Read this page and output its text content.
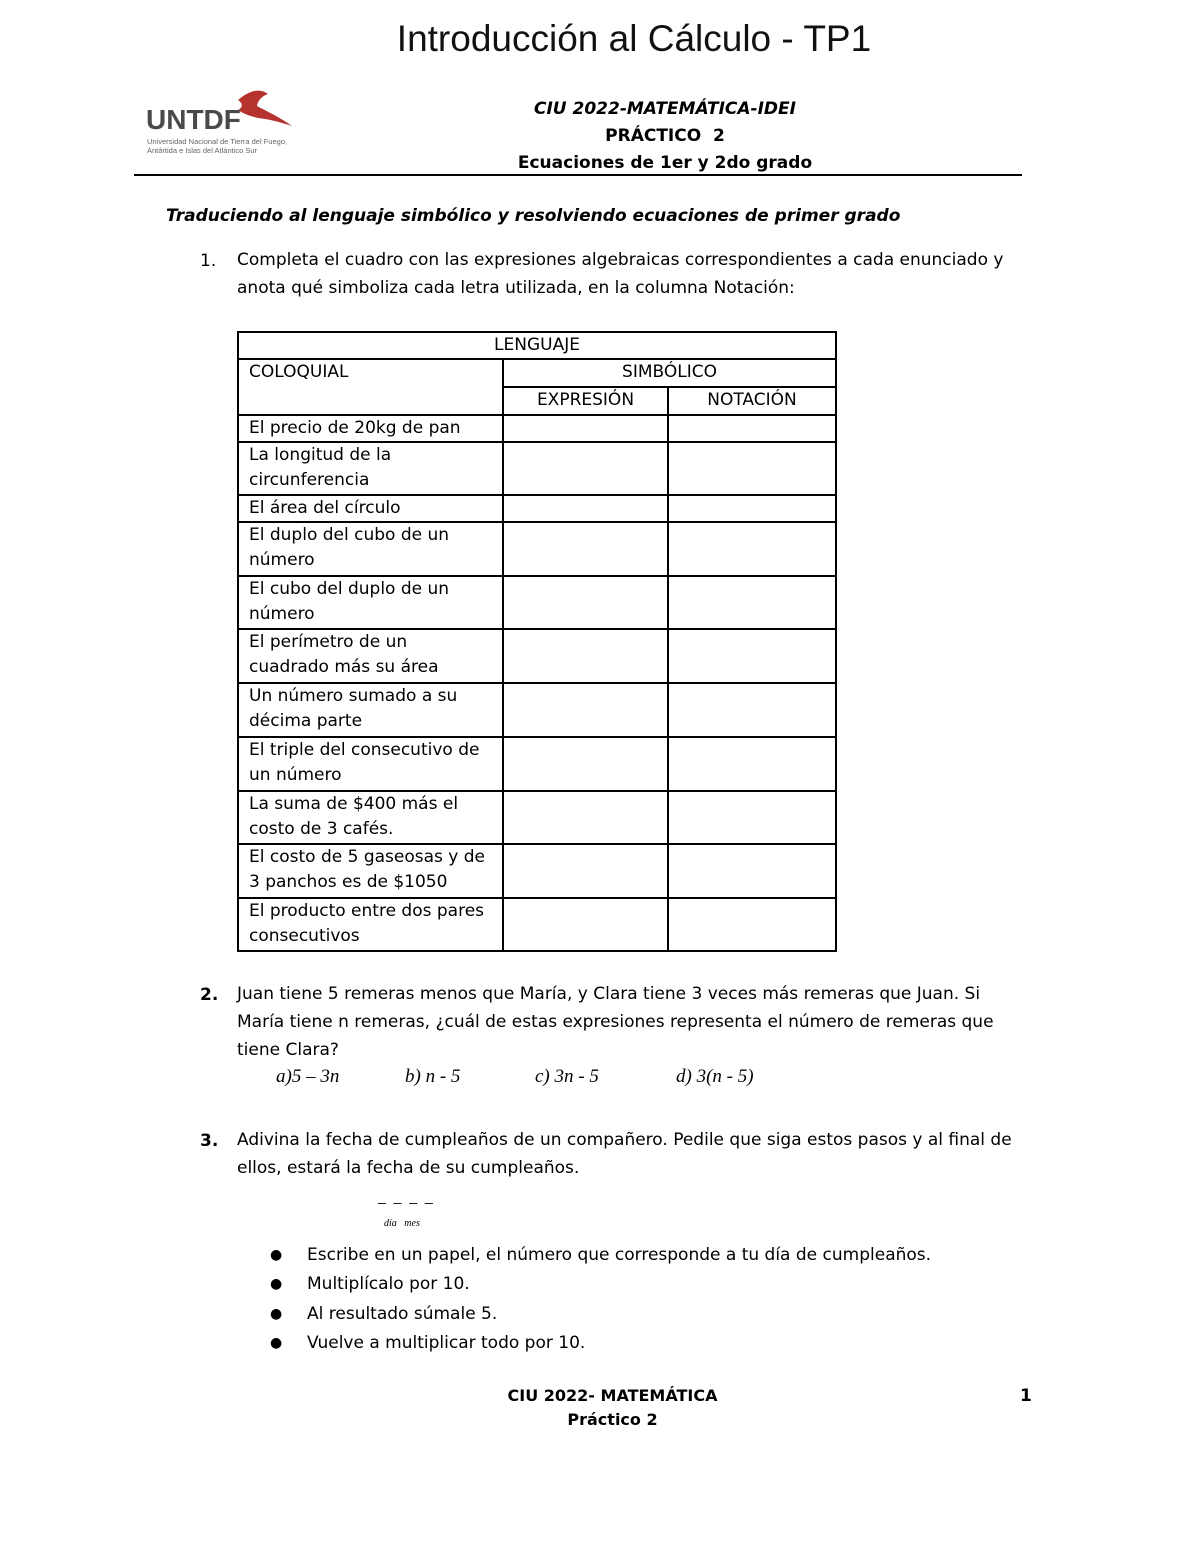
Introducción al Cálculo - TP1
UNTDF
Universidad Nacional de Tierra del Fuego,
Antártida e Islas del Atlántico Sur
CIU 2022-MATEMÁTICA-IDEI
PRÁCTICO  2
Ecuaciones de 1er y 2do grado
Traduciendo al lenguaje simbólico y resolviendo ecuaciones de primer grado
1. Completa el cuadro con las expresiones algebraicas correspondientes a cada enunciado y
anota qué simboliza cada letra utilizada, en la columna Notación:
LENGUAJE		
COLOQUIAL	SIMBÓLICO	
	EXPRESIÓN	NOTACIÓN
El precio de 20kg de pan		
La longitud de la circunferencia		
El área del círculo		
El duplo del cubo de un número		
El cubo del duplo de un número		
El perímetro de un cuadrado más su área		
Un número sumado a su décima parte		
El triple del consecutivo de un número		
La suma de $400 más el costo de 3 cafés.		
El costo de 5 gaseosas y de 3 panchos es de $1050		
El producto entre dos pares consecutivos		
2. Juan tiene 5 remeras menos que María, y Clara tiene 3 veces más remeras que Juan. Si
María tiene n remeras, ¿cuál de estas expresiones representa el número de remeras que
tiene Clara?
a)5 – 3n	b) n - 5	c) 3n - 5	d) 3(n - 5)
3. Adivina la fecha de cumpleaños de un compañero. Pedile que siga estos pasos y al final de
ellos, estará la fecha de su cumpleaños.
_ _ _ _
día   mes
●	Escribe en un papel, el número que corresponde a tu día de cumpleaños.
●	Multiplícalo por 10.
●	Al resultado súmale 5.
●	Vuelve a multiplicar todo por 10.
CIU 2022- MATEMÁTICA
Práctico 2
1
